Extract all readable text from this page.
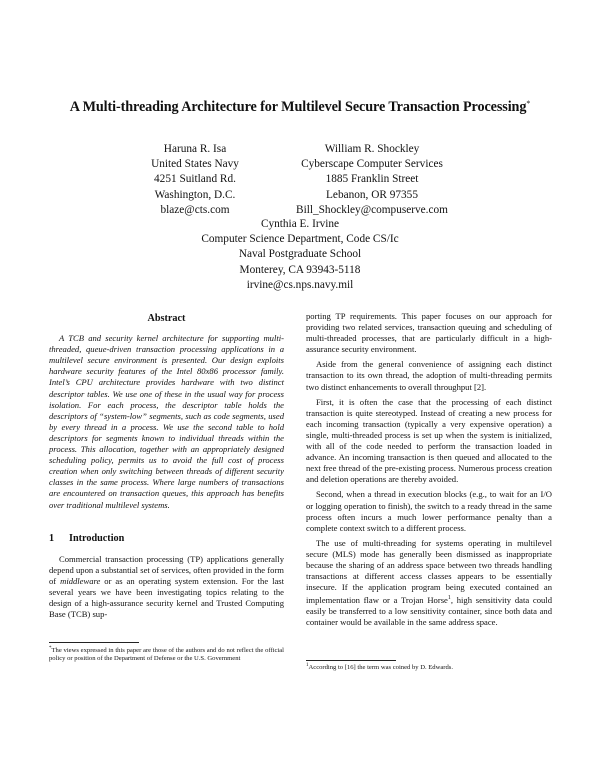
A Multi-threading Architecture for Multilevel Secure Transaction Processing*
Haruna R. Isa
United States Navy
4251 Suitland Rd.
Washington, D.C.
blaze@cts.com
William R. Shockley
Cyberscape Computer Services
1885 Franklin Street
Lebanon, OR 97355
Bill_Shockley@compuserve.com
Cynthia E. Irvine
Computer Science Department, Code CS/Ic
Naval Postgraduate School
Monterey, CA 93943-5118
irvine@cs.nps.navy.mil
Abstract

A TCB and security kernel architecture for supporting multi-threaded, queue-driven transaction processing applications in a multilevel secure environment is presented. Our design exploits hardware security features of the Intel 80x86 processor family. Intel’s CPU architecture provides hardware with two distinct descriptor tables. We use one of these in the usual way for process isolation. For each process, the descriptor table holds the descriptors of “system-low” segments, such as code segments, used by every thread in a process. We use the second table to hold descriptors for segments known to individual threads within the process. This allocation, together with an appropriately designed scheduling policy, permits us to avoid the full cost of process creation when only switching between threads of different security classes in the same process. Where large numbers of transactions are encountered on transaction queues, this approach has benefits over traditional multilevel systems.

1 Introduction

Commercial transaction processing (TP) applications generally depend upon a substantial set of services, often provided in the form of middleware or as an operating system extension. For the last several years we have been investigating topics relating to the design of a high-assurance security kernel and Trusted Computing Base (TCB) sup-

porting TP requirements. This paper focuses on our approach for providing two related services, transaction queuing and scheduling of multi-threaded processes, that are particularly difficult in a high-assurance security environment.

Aside from the general convenience of assigning each distinct transaction to its own thread, the adoption of multi-threading permits two distinct enhancements to overall throughput [2].

First, it is often the case that the processing of each distinct transaction is quite stereotyped. Instead of creating a new process for each incoming transaction (typically a very expensive operation) a single, multi-threaded process is set up when the system is initialized, with all of the code needed to perform the transaction loaded in advance. An incoming transaction is then queued and allocated to the next free thread of the pre-existing process. Numerous process creation and deletion operations are thereby avoided.

Second, when a thread in execution blocks (e.g., to wait for an I/O or logging operation to finish), the switch to a ready thread in the same process often incurs a much lower performance penalty than a complete context switch to a different process.

The use of multi-threading for systems operating in multilevel secure (MLS) mode has generally been dismissed as inappropriate because the sharing of an address space between two threads handling transactions at different access classes appears to be essentially insecure. If the application program being executed contained an implementation flaw or a Trojan Horse$^1$, high sensitivity data could easily be transferred to a low sensitivity container, since both data and container would be available in the same address space.

*The views expressed in this paper are those of the authors and do not reflect the official policy or position of the Department of Defense or the U.S. Government
$^1$According to [16] the term was coined by D. Edwards.
